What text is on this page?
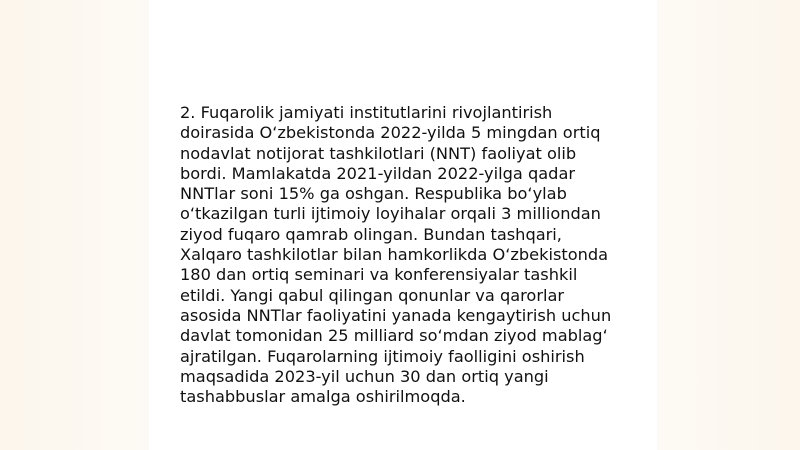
2. Fuqarolik jamiyati institutlarini rivojlantirish
doirasida O‘zbekistonda 2022-yilda 5 mingdan ortiq
nodavlat notijorat tashkilotlari (NNT) faoliyat olib
bordi. Mamlakatda 2021-yildan 2022-yilga qadar
NNTlar soni 15% ga oshgan. Respublika bo‘ylab
o‘tkazilgan turli ijtimoiy loyihalar orqali 3 milliondan
ziyod fuqaro qamrab olingan. Bundan tashqari,
Xalqaro tashkilotlar bilan hamkorlikda O‘zbekistonda
180 dan ortiq seminari va konferensiyalar tashkil
etildi. Yangi qabul qilingan qonunlar va qarorlar
asosida NNTlar faoliyatini yanada kengaytirish uchun
davlat tomonidan 25 milliard so‘mdan ziyod mablag‘
ajratilgan. Fuqarolarning ijtimoiy faolligini oshirish
maqsadida 2023-yil uchun 30 dan ortiq yangi
tashabbuslar amalga oshirilmoqda.
